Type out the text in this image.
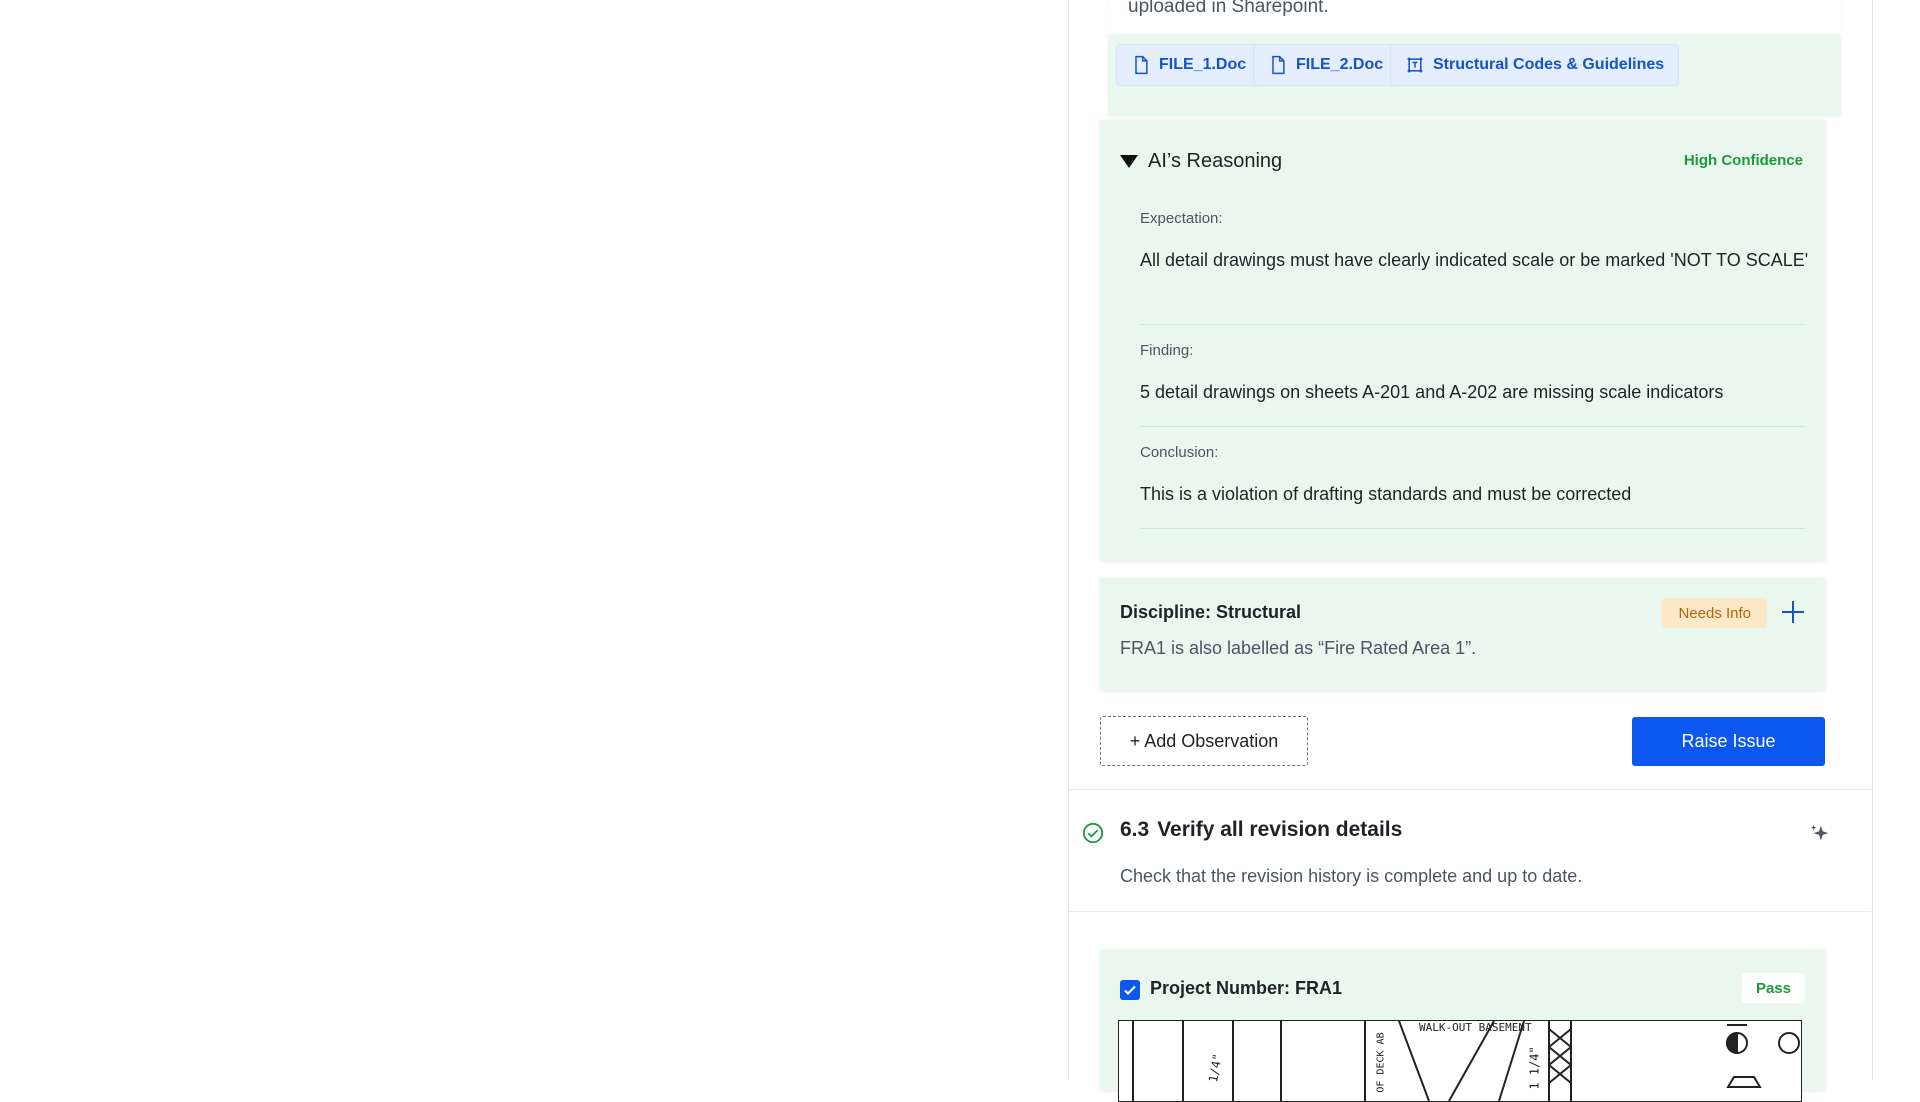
uploaded in Sharepoint.
FILE_1.Doc	FILE_2.Doc	Structural Codes & Guidelines
AI’s Reasoning	High Confidence
Expectation:
All detail drawings must have clearly indicated scale or be marked 'NOT TO SCALE'
Finding:
5 detail drawings on sheets A-201 and A-202 are missing scale indicators
Conclusion:
This is a violation of drafting standards and must be corrected
Discipline: Structural
FRA1 is also labelled as “Fire Rated Area 1”.
Needs Info
+ Add Observation	Raise Issue
6.3 Verify all revision details
Check that the revision history is complete and up to date.
Project Number: FRA1	Pass
WALK-OUT BASEMENT
OF DECK AB	1 1/4"
1/4"
